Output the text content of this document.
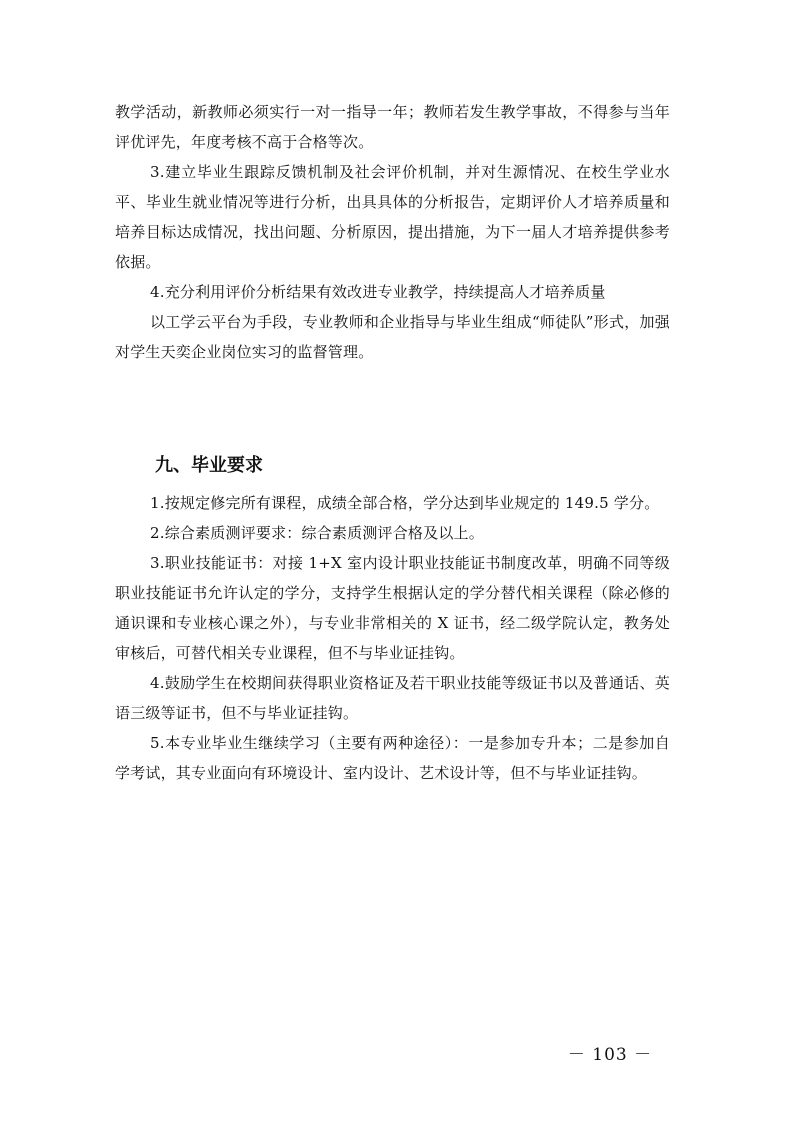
教学活动，新教师必须实行一对一指导一年；教师若发生教学事故，不得参与当年评优评先，年度考核不高于合格等次。

3.建立毕业生跟踪反馈机制及社会评价机制，并对生源情况、在校生学业水平、毕业生就业情况等进行分析，出具具体的分析报告，定期评价人才培养质量和培养目标达成情况，找出问题、分析原因，提出措施，为下一届人才培养提供参考依据。

4.充分利用评价分析结果有效改进专业教学，持续提高人才培养质量

以工学云平台为手段，专业教师和企业指导与毕业生组成“师徒队”形式，加强对学生天奕企业岗位实习的监督管理。

九、毕业要求

1.按规定修完所有课程，成绩全部合格，学分达到毕业规定的 149.5 学分。

2.综合素质测评要求：综合素质测评合格及以上。

3.职业技能证书：对接 1+X 室内设计职业技能证书制度改革，明确不同等级职业技能证书允许认定的学分，支持学生根据认定的学分替代相关课程（除必修的通识课和专业核心课之外），与专业非常相关的 X 证书，经二级学院认定，教务处审核后，可替代相关专业课程，但不与毕业证挂钩。

4.鼓励学生在校期间获得职业资格证及若干职业技能等级证书以及普通话、英语三级等证书，但不与毕业证挂钩。

5.本专业毕业生继续学习（主要有两种途径）：一是参加专升本；二是参加自学考试，其专业面向有环境设计、室内设计、艺术设计等，但不与毕业证挂钩。

－ 103 －
